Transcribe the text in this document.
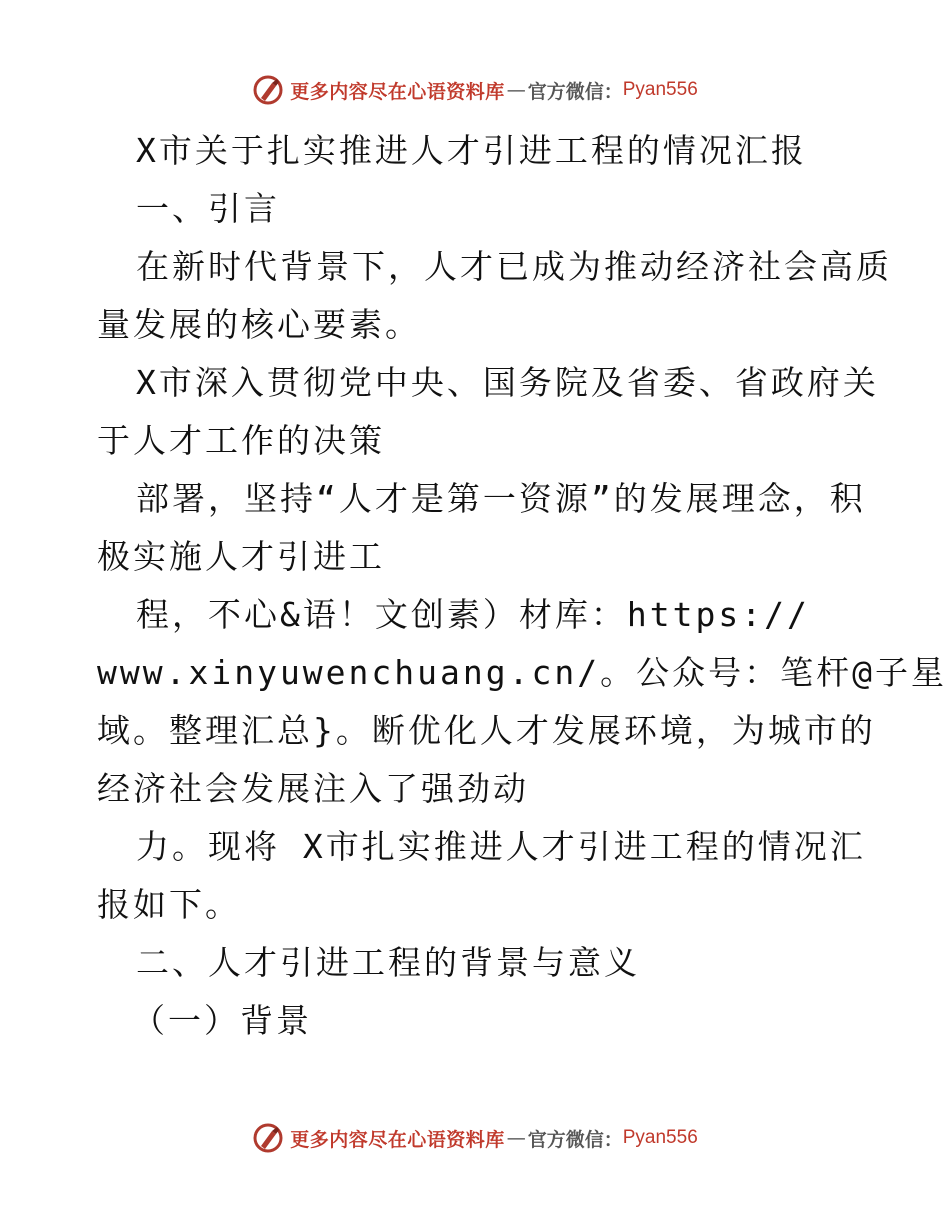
更多内容尽在心语资料库 — 官方微信： Pyan556
X市关于扎实推进人才引进工程的情况汇报
一、引言
在新时代背景下，人才已成为推动经济社会高质
量发展的核心要素。
X市深入贯彻党中央、国务院及省委、省政府关
于人才工作的决策
部署，坚持“人才是第一资源”的发展理念，积
极实施人才引进工
程，不心&语！文创素）材库：https://
www.xinyuwenchuang.cn/。公众号：笔杆@子星
域。整理汇总}。断优化人才发展环境，为城市的
经济社会发展注入了强劲动
力。现将 X市扎实推进人才引进工程的情况汇
报如下。
二、人才引进工程的背景与意义
（一）背景
更多内容尽在心语资料库 — 官方微信： Pyan556
